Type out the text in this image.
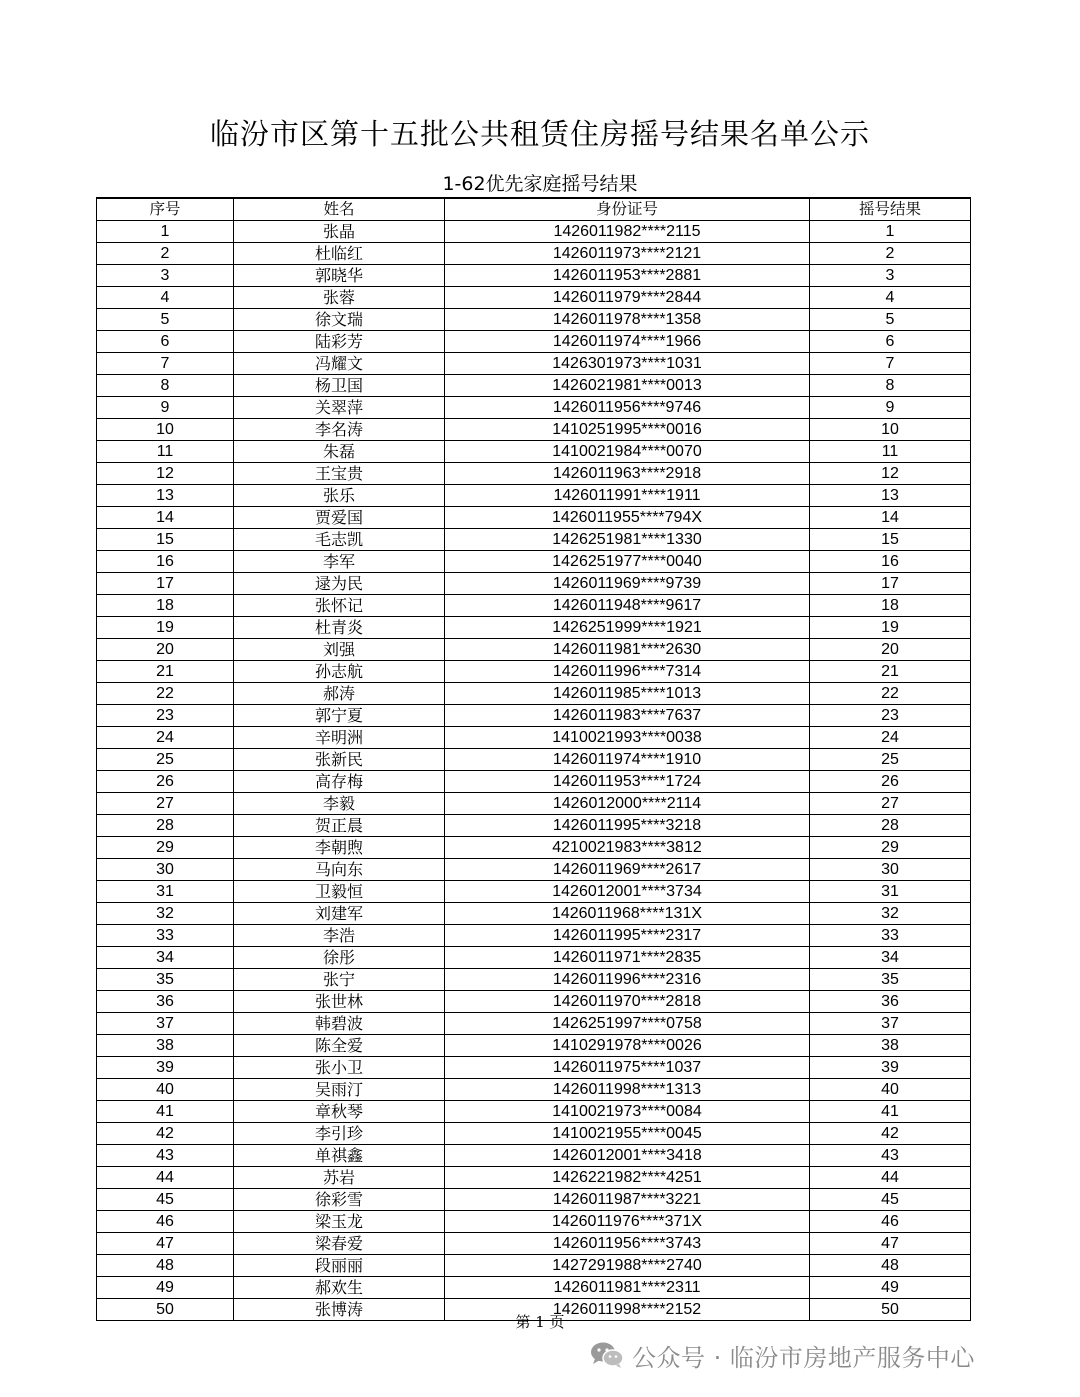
临汾市区第十五批公共租赁住房摇号结果名单公示
1-62优先家庭摇号结果
序号	姓名	身份证号	摇号结果
1	张晶	1426011982****2115	1
2	杜临红	1426011973****2121	2
3	郭晓华	1426011953****2881	3
4	张蓉	1426011979****2844	4
5	徐文瑞	1426011978****1358	5
6	陆彩芳	1426011974****1966	6
7	冯耀文	1426301973****1031	7
8	杨卫国	1426021981****0013	8
9	关翠萍	1426011956****9746	9
10	李名涛	1410251995****0016	10
11	朱磊	1410021984****0070	11
12	王宝贵	1426011963****2918	12
13	张乐	1426011991****1911	13
14	贾爱国	1426011955****794X	14
15	毛志凯	1426251981****1330	15
16	李军	1426251977****0040	16
17	逯为民	1426011969****9739	17
18	张怀记	1426011948****9617	18
19	杜青炎	1426251999****1921	19
20	刘强	1426011981****2630	20
21	孙志航	1426011996****7314	21
22	郝涛	1426011985****1013	22
23	郭宁夏	1426011983****7637	23
24	辛明洲	1410021993****0038	24
25	张新民	1426011974****1910	25
26	高存梅	1426011953****1724	26
27	李毅	1426012000****2114	27
28	贺正晨	1426011995****3218	28
29	李朝煦	4210021983****3812	29
30	马向东	1426011969****2617	30
31	卫毅恒	1426012001****3734	31
32	刘建军	1426011968****131X	32
33	李浩	1426011995****2317	33
34	徐彤	1426011971****2835	34
35	张宁	1426011996****2316	35
36	张世林	1426011970****2818	36
37	韩碧波	1426251997****0758	37
38	陈全爱	1410291978****0026	38
39	张小卫	1426011975****1037	39
40	吴雨汀	1426011998****1313	40
41	章秋琴	1410021973****0084	41
42	李引珍	1410021955****0045	42
43	单祺鑫	1426012001****3418	43
44	苏岩	1426221982****4251	44
45	徐彩雪	1426011987****3221	45
46	梁玉龙	1426011976****371X	46
47	梁春爱	1426011956****3743	47
48	段丽丽	1427291988****2740	48
49	郝欢生	1426011981****2311	49
50	张博涛	1426011998****2152	50
第 1 页
公众号 · 临汾市房地产服务中心
